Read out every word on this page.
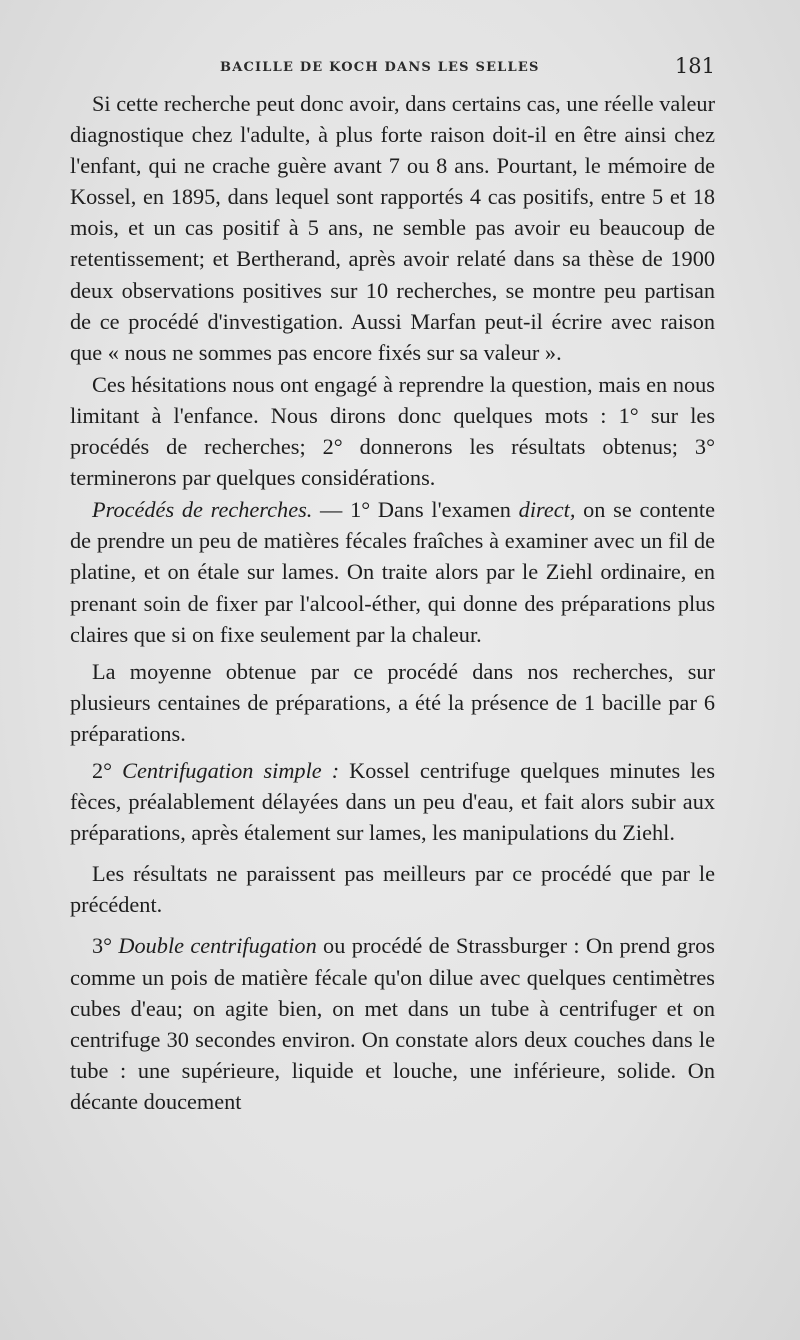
BACILLE DE KOCH DANS LES SELLES	181

Si cette recherche peut donc avoir, dans certains cas, une réelle valeur diagnostique chez l'adulte, à plus forte raison doit-il en être ainsi chez l'enfant, qui ne crache guère avant 7 ou 8 ans. Pourtant, le mémoire de Kossel, en 1895, dans lequel sont rapportés 4 cas positifs, entre 5 et 18 mois, et un cas positif à 5 ans, ne semble pas avoir eu beaucoup de retentissement; et Bertherand, après avoir relaté dans sa thèse de 1900 deux observations positives sur 10 recherches, se montre peu partisan de ce procédé d'investigation. Aussi Marfan peut-il écrire avec raison que « nous ne sommes pas encore fixés sur sa valeur ».

Ces hésitations nous ont engagé à reprendre la question, mais en nous limitant à l'enfance. Nous dirons donc quelques mots : 1° sur les procédés de recherches; 2° donnerons les résultats obtenus; 3° terminerons par quelques considérations.

Procédés de recherches. — 1° Dans l'examen direct, on se contente de prendre un peu de matières fécales fraîches à examiner avec un fil de platine, et on étale sur lames. On traite alors par le Ziehl ordinaire, en prenant soin de fixer par l'alcool-éther, qui donne des préparations plus claires que si on fixe seulement par la chaleur.

La moyenne obtenue par ce procédé dans nos recherches, sur plusieurs centaines de préparations, a été la présence de 1 bacille par 6 préparations.

2° Centrifugation simple : Kossel centrifuge quelques minutes les fèces, préalablement délayées dans un peu d'eau, et fait alors subir aux préparations, après étalement sur lames, les manipulations du Ziehl.

Les résultats ne paraissent pas meilleurs par ce procédé que par le précédent.

3° Double centrifugation ou procédé de Strassburger : On prend gros comme un pois de matière fécale qu'on dilue avec quelques centimètres cubes d'eau; on agite bien, on met dans un tube à centrifuger et on centrifuge 30 secondes environ. On constate alors deux couches dans le tube : une supérieure, liquide et louche, une inférieure, solide. On décante doucement
